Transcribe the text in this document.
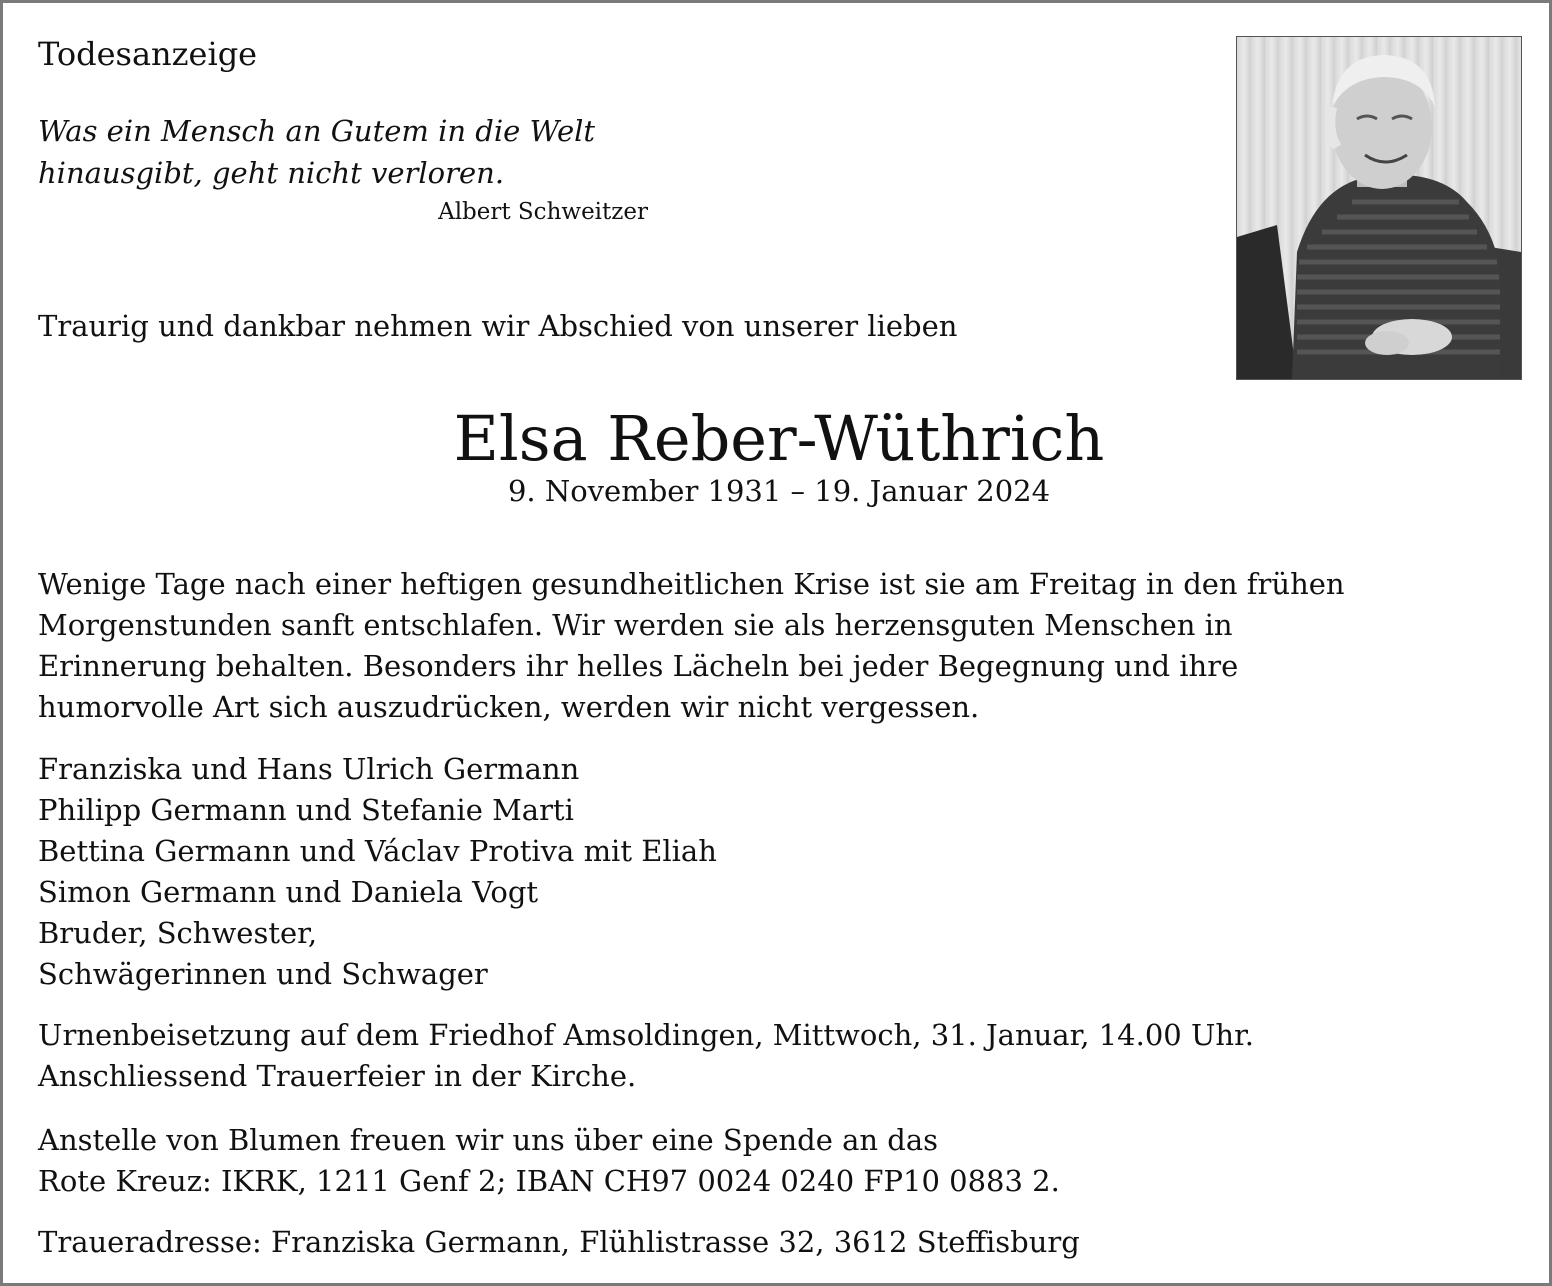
Todesanzeige
Was ein Mensch an Gutem in die Welt
hinausgibt, geht nicht verloren.
Albert Schweitzer
Traurig und dankbar nehmen wir Abschied von unserer lieben
Elsa Reber-Wüthrich
9. November 1931 – 19. Januar 2024
Wenige Tage nach einer heftigen gesundheitlichen Krise ist sie am Freitag in den frühen
Morgenstunden sanft entschlafen. Wir werden sie als herzensguten Menschen in
Erinnerung behalten. Besonders ihr helles Lächeln bei jeder Begegnung und ihre
humorvolle Art sich auszudrücken, werden wir nicht vergessen.
Franziska und Hans Ulrich Germann
Philipp Germann und Stefanie Marti
Bettina Germann und Václav Protiva mit Eliah
Simon Germann und Daniela Vogt
Bruder, Schwester,
Schwägerinnen und Schwager
Urnenbeisetzung auf dem Friedhof Amsoldingen, Mittwoch, 31. Januar, 14.00 Uhr.
Anschliessend Trauerfeier in der Kirche.
Anstelle von Blumen freuen wir uns über eine Spende an das
Rote Kreuz: IKRK, 1211 Genf 2; IBAN CH97 0024 0240 FP10 0883 2.
Traueradresse: Franziska Germann, Flühlistrasse 32, 3612 Steffisburg
